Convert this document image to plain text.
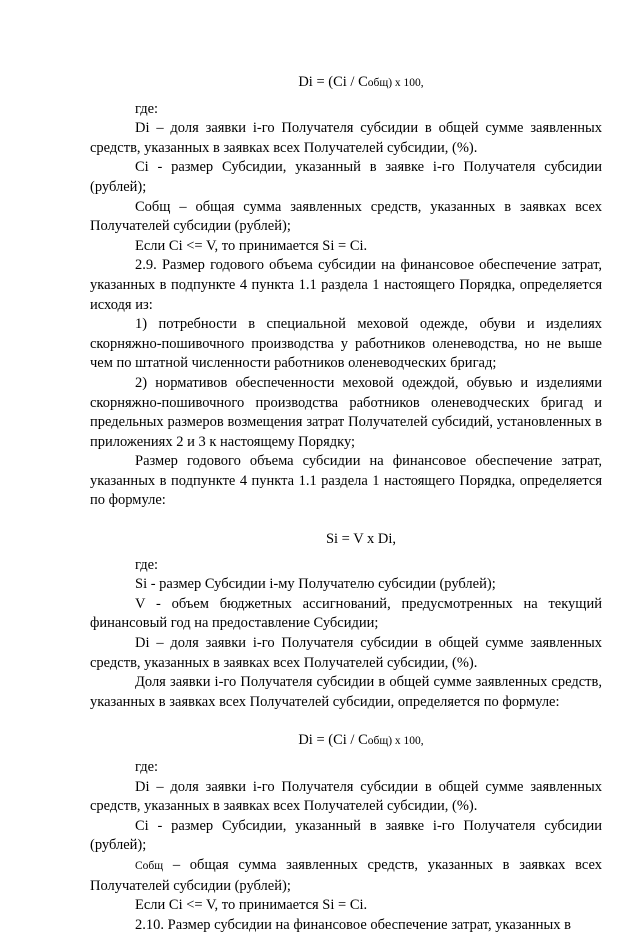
Di = (Ci / Cобщ) х 100,

где:

Di – доля заявки i-го Получателя субсидии в общей сумме заявленных средств, указанных в заявках всех Получателей субсидии, (%).

Ci - размер Субсидии, указанный в заявке i-го Получателя субсидии (рублей);

Cобщ – общая сумма заявленных средств, указанных в заявках всех Получателей субсидии (рублей);

Если Ci <= V, то принимается Si = Ci.

2.9. Размер годового объема субсидии на финансовое обеспечение затрат, указанных в подпункте 4 пункта 1.1 раздела 1 настоящего Порядка, определяется исходя из:

1) потребности в специальной меховой одежде, обуви и изделиях скорняжно-пошивочного производства у работников оленеводства, но не выше чем по штатной численности работников оленеводческих бригад;

2) нормативов обеспеченности меховой одеждой, обувью и изделиями скорняжно-пошивочного производства работников оленеводческих бригад и предельных размеров возмещения затрат Получателей субсидий, установленных в приложениях 2 и 3 к настоящему Порядку;

Размер годового объема субсидии на финансовое обеспечение затрат, указанных в подпункте 4 пункта 1.1 раздела 1 настоящего Порядка, определяется по формуле:

Si = V х Di,

где:

Si - размер Субсидии i-му Получателю субсидии (рублей);

V - объем бюджетных ассигнований, предусмотренных на текущий финансовый год на предоставление Субсидии;

Di – доля заявки i-го Получателя субсидии в общей сумме заявленных средств, указанных в заявках всех Получателей субсидии, (%).

Доля заявки i-го Получателя субсидии в общей сумме заявленных средств, указанных в заявках всех Получателей субсидии, определяется по формуле:

Di = (Ci / Cобщ) х 100,

где:

Di – доля заявки i-го Получателя субсидии в общей сумме заявленных средств, указанных в заявках всех Получателей субсидии, (%).

Ci - размер Субсидии, указанный в заявке i-го Получателя субсидии (рублей);

Cобщ – общая сумма заявленных средств, указанных в заявках всех Получателей субсидии (рублей);

Если Ci <= V, то принимается Si = Ci.

2.10. Размер субсидии на финансовое обеспечение затрат, указанных в
